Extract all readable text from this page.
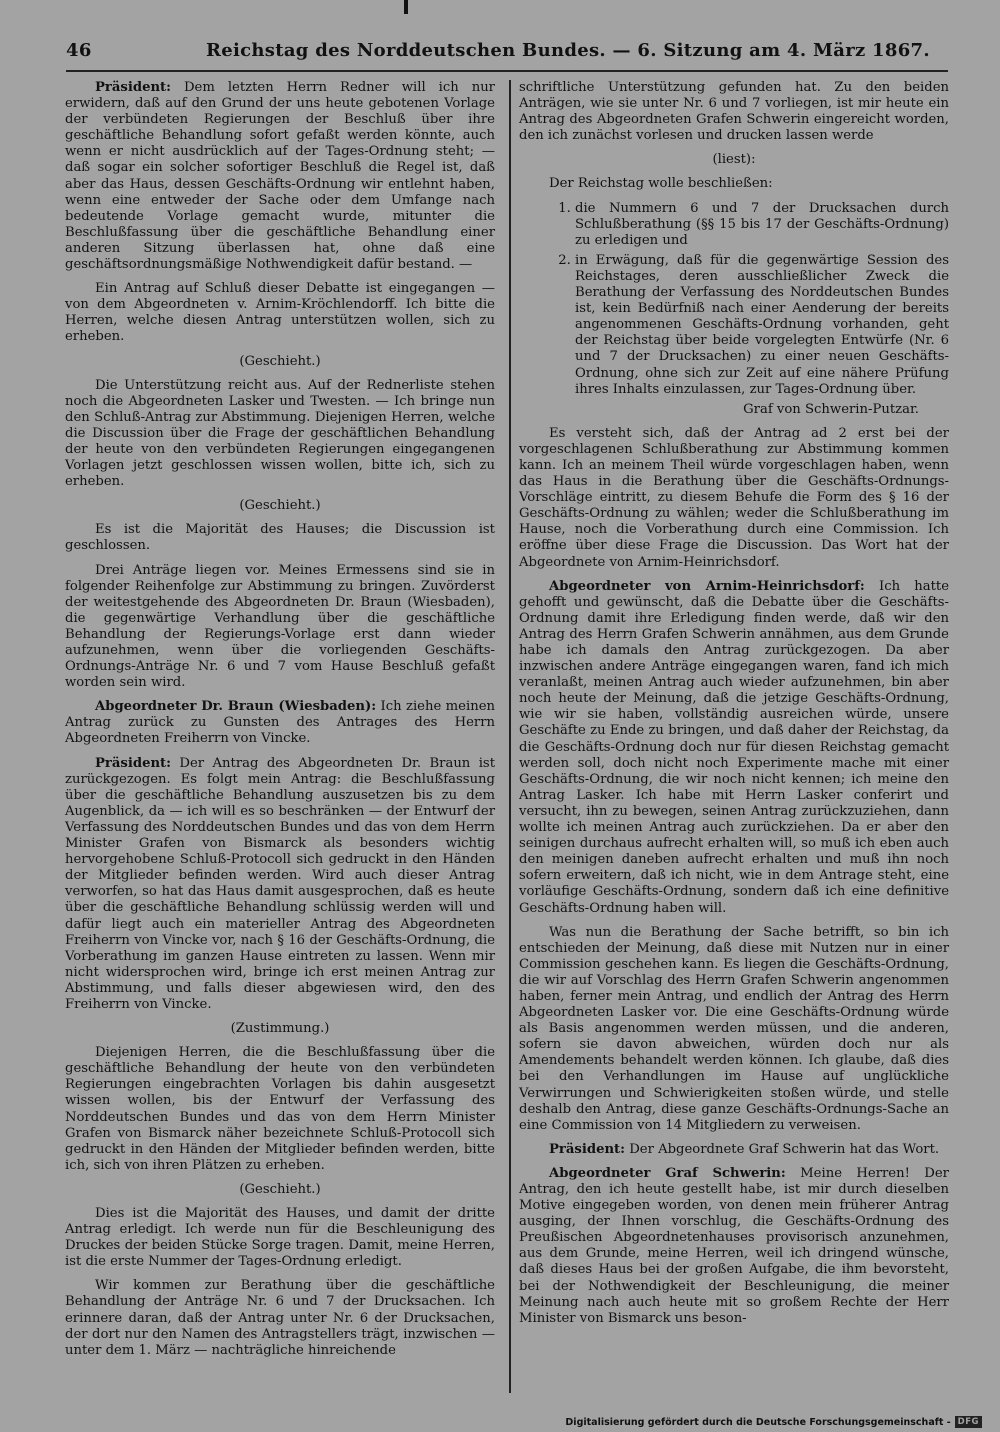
46	Reichstag des Norddeutschen Bundes. — 6. Sitzung am 4. März 1867.

Präsident: Dem letzten Herrn Redner will ich nur erwidern, daß auf den Grund der uns heute gebotenen Vorlage der verbündeten Regierungen der Beschluß über ihre geschäftliche Behandlung sofort gefaßt werden könnte, auch wenn er nicht ausdrücklich auf der Tages-Ordnung steht; — daß sogar ein solcher sofortiger Beschluß die Regel ist, daß aber das Haus, dessen Geschäfts-Ordnung wir entlehnt haben, wenn eine entweder der Sache oder dem Umfange nach bedeutende Vorlage gemacht wurde, mitunter die Beschlußfassung über die geschäftliche Behandlung einer anderen Sitzung überlassen hat, ohne daß eine geschäftsordnungsmäßige Nothwendigkeit dafür bestand. —

Ein Antrag auf Schluß dieser Debatte ist eingegangen — von dem Abgeordneten v. Arnim-Kröchlendorff. Ich bitte die Herren, welche diesen Antrag unterstützen wollen, sich zu erheben.

(Geschieht.)

Die Unterstützung reicht aus. Auf der Rednerliste stehen noch die Abgeordneten Lasker und Twesten. — Ich bringe nun den Schluß-Antrag zur Abstimmung. Diejenigen Herren, welche die Discussion über die Frage der geschäftlichen Behandlung der heute von den verbündeten Regierungen eingegangenen Vorlagen jetzt geschlossen wissen wollen, bitte ich, sich zu erheben.

(Geschieht.)

Es ist die Majorität des Hauses; die Discussion ist geschlossen.

Drei Anträge liegen vor. Meines Ermessens sind sie in folgender Reihenfolge zur Abstimmung zu bringen. Zuvörderst der weitestgehende des Abgeordneten Dr. Braun (Wiesbaden), die gegenwärtige Verhandlung über die geschäftliche Behandlung der Regierungs-Vorlage erst dann wieder aufzunehmen, wenn über die vorliegenden Geschäfts-Ordnungs-Anträge Nr. 6 und 7 vom Hause Beschluß gefaßt worden sein wird.

Abgeordneter Dr. Braun (Wiesbaden): Ich ziehe meinen Antrag zurück zu Gunsten des Antrages des Herrn Abgeordneten Freiherrn von Vincke.

Präsident: Der Antrag des Abgeordneten Dr. Braun ist zurückgezogen. Es folgt mein Antrag: die Beschlußfassung über die geschäftliche Behandlung auszusetzen bis zu dem Augenblick, da — ich will es so beschränken — der Entwurf der Verfassung des Norddeutschen Bundes und das von dem Herrn Minister Grafen von Bismarck als besonders wichtig hervorgehobene Schluß-Protocoll sich gedruckt in den Händen der Mitglieder befinden werden. Wird auch dieser Antrag verworfen, so hat das Haus damit ausgesprochen, daß es heute über die geschäftliche Behandlung schlüssig werden will und dafür liegt auch ein materieller Antrag des Abgeordneten Freiherrn von Vincke vor, nach § 16 der Geschäfts-Ordnung, die Vorberathung im ganzen Hause eintreten zu lassen. Wenn mir nicht widersprochen wird, bringe ich erst meinen Antrag zur Abstimmung, und falls dieser abgewiesen wird, den des Freiherrn von Vincke.

(Zustimmung.)

Diejenigen Herren, die die Beschlußfassung über die geschäftliche Behandlung der heute von den verbündeten Regierungen eingebrachten Vorlagen bis dahin ausgesetzt wissen wollen, bis der Entwurf der Verfassung des Norddeutschen Bundes und das von dem Herrn Minister Grafen von Bismarck näher bezeichnete Schluß-Protocoll sich gedruckt in den Händen der Mitglieder befinden werden, bitte ich, sich von ihren Plätzen zu erheben.

(Geschieht.)

Dies ist die Majorität des Hauses, und damit der dritte Antrag erledigt. Ich werde nun für die Beschleunigung des Druckes der beiden Stücke Sorge tragen. Damit, meine Herren, ist die erste Nummer der Tages-Ordnung erledigt.

Wir kommen zur Berathung über die geschäftliche Behandlung der Anträge Nr. 6 und 7 der Drucksachen. Ich erinnere daran, daß der Antrag unter Nr. 6 der Drucksachen, der dort nur den Namen des Antragstellers trägt, inzwischen — unter dem 1. März — nachträgliche hinreichende

schriftliche Unterstützung gefunden hat. Zu den beiden Anträgen, wie sie unter Nr. 6 und 7 vorliegen, ist mir heute ein Antrag des Abgeordneten Grafen Schwerin eingereicht worden, den ich zunächst vorlesen und drucken lassen werde

(liest):

Der Reichstag wolle beschließen:

1. die Nummern 6 und 7 der Drucksachen durch Schlußberathung (§§ 15 bis 17 der Geschäfts-Ordnung) zu erledigen und
2. in Erwägung, daß für die gegenwärtige Session des Reichstages, deren ausschließlicher Zweck die Berathung der Verfassung des Norddeutschen Bundes ist, kein Bedürfniß nach einer Aenderung der bereits angenommenen Geschäfts-Ordnung vorhanden, geht der Reichstag über beide vorgelegten Entwürfe (Nr. 6 und 7 der Drucksachen) zu einer neuen Geschäfts-Ordnung, ohne sich zur Zeit auf eine nähere Prüfung ihres Inhalts einzulassen, zur Tages-Ordnung über.

Graf von Schwerin-Putzar.

Es versteht sich, daß der Antrag ad 2 erst bei der vorgeschlagenen Schlußberathung zur Abstimmung kommen kann. Ich an meinem Theil würde vorgeschlagen haben, wenn das Haus in die Berathung über die Geschäfts-Ordnungs-Vorschläge eintritt, zu diesem Behufe die Form des § 16 der Geschäfts-Ordnung zu wählen; weder die Schlußberathung im Hause, noch die Vorberathung durch eine Commission. Ich eröffne über diese Frage die Discussion. Das Wort hat der Abgeordnete von Arnim-Heinrichsdorf.

Abgeordneter von Arnim-Heinrichsdorf: Ich hatte gehofft und gewünscht, daß die Debatte über die Geschäfts-Ordnung damit ihre Erledigung finden werde, daß wir den Antrag des Herrn Grafen Schwerin annähmen, aus dem Grunde habe ich damals den Antrag zurückgezogen. Da aber inzwischen andere Anträge eingegangen waren, fand ich mich veranlaßt, meinen Antrag auch wieder aufzunehmen, bin aber noch heute der Meinung, daß die jetzige Geschäfts-Ordnung, wie wir sie haben, vollständig ausreichen würde, unsere Geschäfte zu Ende zu bringen, und daß daher der Reichstag, da die Geschäfts-Ordnung doch nur für diesen Reichstag gemacht werden soll, doch nicht noch Experimente mache mit einer Geschäfts-Ordnung, die wir noch nicht kennen; ich meine den Antrag Lasker. Ich habe mit Herrn Lasker conferirt und versucht, ihn zu bewegen, seinen Antrag zurückzuziehen, dann wollte ich meinen Antrag auch zurückziehen. Da er aber den seinigen durchaus aufrecht erhalten will, so muß ich eben auch den meinigen daneben aufrecht erhalten und muß ihn noch sofern erweitern, daß ich nicht, wie in dem Antrage steht, eine vorläufige Geschäfts-Ordnung, sondern daß ich eine definitive Geschäfts-Ordnung haben will.

Was nun die Berathung der Sache betrifft, so bin ich entschieden der Meinung, daß diese mit Nutzen nur in einer Commission geschehen kann. Es liegen die Geschäfts-Ordnung, die wir auf Vorschlag des Herrn Grafen Schwerin angenommen haben, ferner mein Antrag, und endlich der Antrag des Herrn Abgeordneten Lasker vor. Die eine Geschäfts-Ordnung würde als Basis angenommen werden müssen, und die anderen, sofern sie davon abweichen, würden doch nur als Amendements behandelt werden können. Ich glaube, daß dies bei den Verhandlungen im Hause auf unglückliche Verwirrungen und Schwierigkeiten stoßen würde, und stelle deshalb den Antrag, diese ganze Geschäfts-Ordnungs-Sache an eine Commission von 14 Mitgliedern zu verweisen.

Präsident: Der Abgeordnete Graf Schwerin hat das Wort.

Abgeordneter Graf Schwerin: Meine Herren! Der Antrag, den ich heute gestellt habe, ist mir durch dieselben Motive eingegeben worden, von denen mein früherer Antrag ausging, der Ihnen vorschlug, die Geschäfts-Ordnung des Preußischen Abgeordnetenhauses provisorisch anzunehmen, aus dem Grunde, meine Herren, weil ich dringend wünsche, daß dieses Haus bei der großen Aufgabe, die ihm bevorsteht, bei der Nothwendigkeit der Beschleunigung, die meiner Meinung nach auch heute mit so großem Rechte der Herr Minister von Bismarck uns beson-

Digitalisierung gefördert durch die Deutsche Forschungsgemeinschaft - DFG
